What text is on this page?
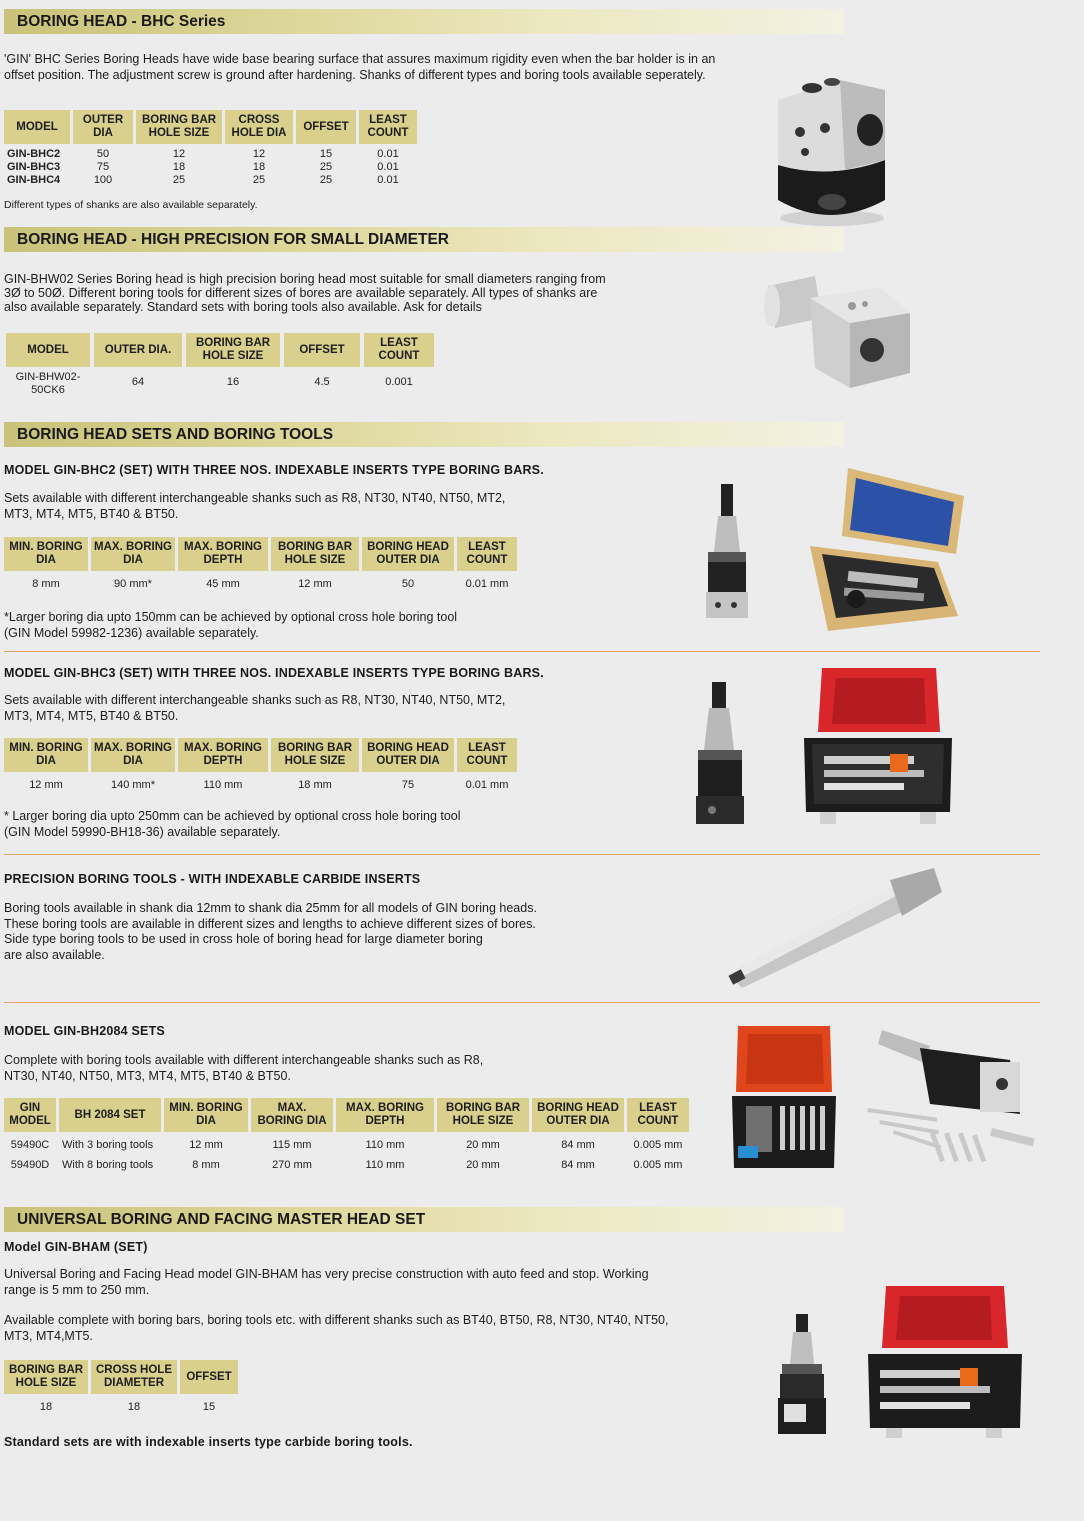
BORING HEAD - BHC Series
'GIN' BHC Series Boring Heads have wide base bearing surface that assures maximum rigidity even when the bar holder is in an
offset position. The adjustment screw is ground after hardening. Shanks of different types and boring tools available seperately.
MODEL	OUTER DIA	BORING BAR HOLE SIZE	CROSS HOLE DIA	OFFSET	LEAST COUNT
GIN-BHC2	50	12	12	15	0.01
GIN-BHC3	75	18	18	25	0.01
GIN-BHC4	100	25	25	25	0.01
Different types of shanks are also available separately.
BORING HEAD - HIGH PRECISION FOR SMALL DIAMETER
GIN-BHW02 Series Boring head is high precision boring head most suitable for small diameters ranging from
3Ø to 50Ø. Different boring tools for different sizes of bores are available separately. All types of shanks are
also available separately. Standard sets with boring tools also available. Ask for details
MODEL	OUTER DIA.	BORING BAR HOLE SIZE	OFFSET	LEAST COUNT
GIN-BHW02-50CK6	64	16	4.5	0.001
BORING HEAD SETS AND BORING TOOLS
MODEL GIN-BHC2 (SET) WITH THREE NOS. INDEXABLE INSERTS TYPE BORING BARS.
Sets available with different interchangeable shanks such as R8, NT30, NT40, NT50, MT2,
MT3, MT4, MT5, BT40 & BT50.
MIN. BORING DIA	MAX. BORING DIA	MAX. BORING DEPTH	BORING BAR HOLE SIZE	BORING HEAD OUTER DIA	LEAST COUNT
8 mm	90 mm*	45 mm	12 mm	50	0.01 mm
*Larger boring dia upto 150mm can be achieved by optional cross hole boring tool
(GIN Model 59982-1236) available separately.
MODEL GIN-BHC3 (SET) WITH THREE NOS. INDEXABLE INSERTS TYPE BORING BARS.
Sets available with different interchangeable shanks such as R8, NT30, NT40, NT50, MT2,
MT3, MT4, MT5, BT40 & BT50.
MIN. BORING DIA	MAX. BORING DIA	MAX. BORING DEPTH	BORING BAR HOLE SIZE	BORING HEAD OUTER DIA	LEAST COUNT
12 mm	140 mm*	110 mm	18 mm	75	0.01 mm
* Larger boring dia upto 250mm can be achieved by optional cross hole boring tool
(GIN Model 59990-BH18-36) available separately.
PRECISION BORING TOOLS - WITH INDEXABLE CARBIDE INSERTS
Boring tools available in shank dia 12mm to shank dia 25mm for all models of GIN boring heads.
These boring tools are available in different sizes and lengths to achieve different sizes of bores.
Side type boring tools to be used in cross hole of boring head for large diameter boring
are also available.
MODEL GIN-BH2084 SETS
Complete with boring tools available with different interchangeable shanks such as R8,
NT30, NT40, NT50, MT3, MT4, MT5, BT40 & BT50.
GIN MODEL	BH 2084 SET	MIN. BORING DIA	MAX. BORING DIA	MAX. BORING DEPTH	BORING BAR HOLE SIZE	BORING HEAD OUTER DIA	LEAST COUNT
59490C	With 3 boring tools	12 mm	115 mm	110 mm	20 mm	84 mm	0.005 mm
59490D	With 8 boring tools	8 mm	270 mm	110 mm	20 mm	84 mm	0.005 mm
UNIVERSAL BORING AND FACING MASTER HEAD SET
Model GIN-BHAM (SET)
Universal Boring and Facing Head model GIN-BHAM has very precise construction with auto feed and stop. Working
range is 5 mm to 250 mm.
Available complete with boring bars, boring tools etc. with different shanks such as BT40, BT50, R8, NT30, NT40, NT50,
MT3, MT4,MT5.
BORING BAR HOLE SIZE	CROSS HOLE DIAMETER	OFFSET
18	18	15
Standard sets are with indexable inserts type carbide boring tools.
